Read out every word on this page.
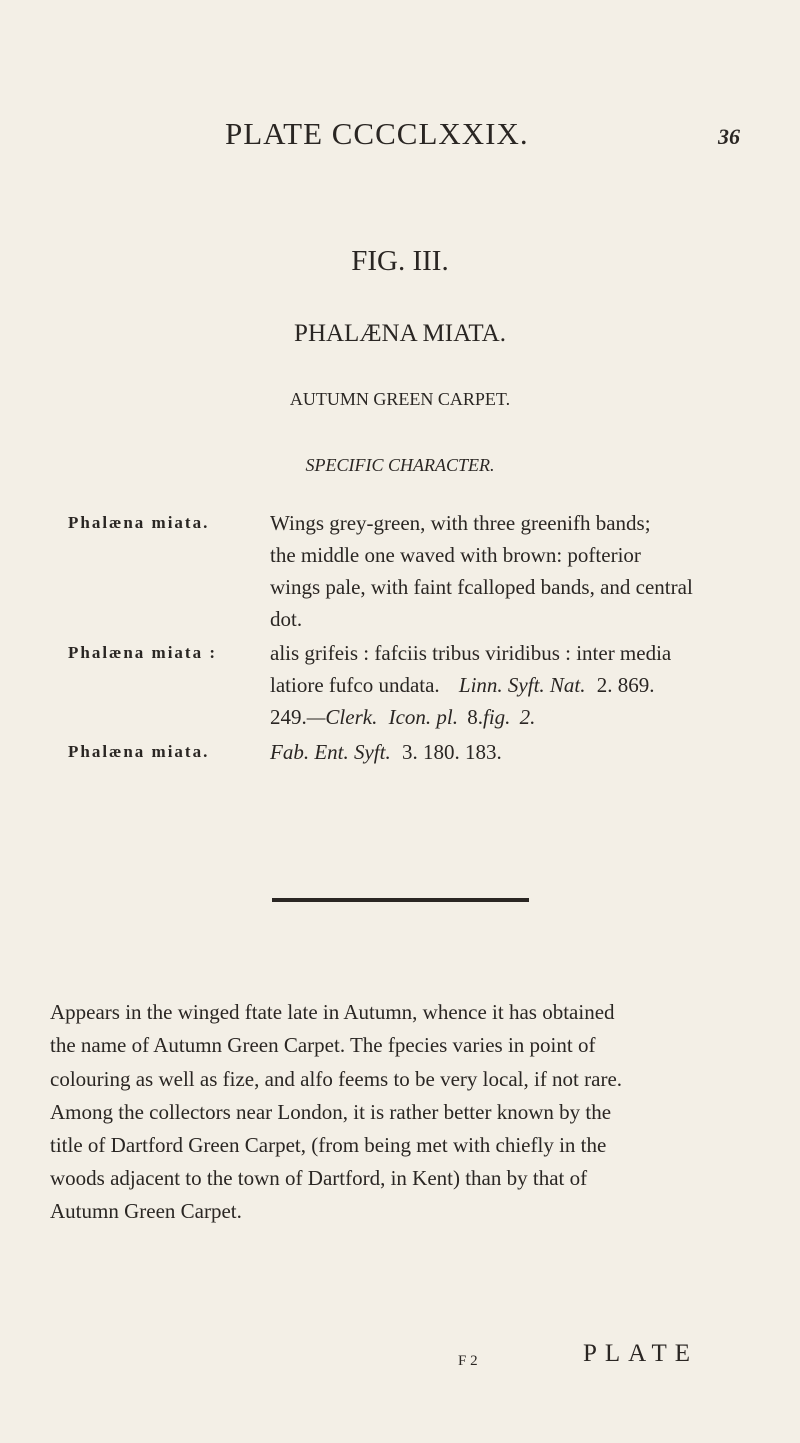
PLATE CCCCLXXIX.	36
FIG. III.
PHALÆNA MIATA.
AUTUMN GREEN CARPET.
SPECIFIC CHARACTER.
Phalæna miata.	Wings grey-green, with three greenifh bands;
the middle one waved with brown: pofterior
wings pale, with faint fcalloped bands, and central
dot.
Phalæna miata :	alis grifeis : fafciis tribus viridibus : inter media
latiore fufco undata. Linn. Syft. Nat. 2. 869.
249.—Clerk. Icon. pl. 8.fig. 2.
Phalæna miata.	Fab. Ent. Syft. 3. 180. 183.
Appears in the winged ftate late in Autumn, whence it has obtained
the name of Autumn Green Carpet. The fpecies varies in point of
colouring as well as fize, and alfo feems to be very local, if not rare.
Among the collectors near London, it is rather better known by the
title of Dartford Green Carpet, (from being met with chiefly in the
woods adjacent to the town of Dartford, in Kent) than by that of
Autumn Green Carpet.
F 2	PLATE
